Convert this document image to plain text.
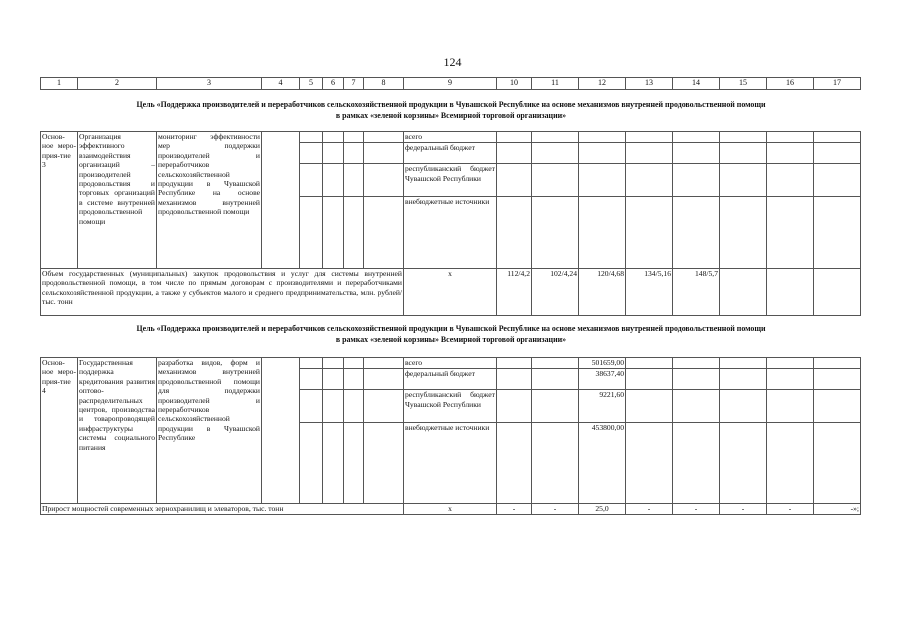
124
1	2	3	4	5	6	7	8	9	10	11	12	13	14	15	16	17
Цель «Поддержка производителей и переработчиков сельскохозяйственной продукции в Чувашской Республике на основе механизмов внутренней продовольственной помощи
в рамках «зеленой корзины» Всемирной торговой организации»
Основ-ное меро-прия-тие 3	Организация эффективного взаимодействия организаций – производителей продовольствия и торговых организаций в системе внутренней продовольственной помощи	мониторинг эффективности мер поддержки производителей и переработчиков сельскохозяйственной продукции в Чувашской Республике на основе механизмов внутренней продовольственной помощи						всего								
								федеральный бюджет								
								республиканский бюджет Чувашской Республики								
								внебюджетные источники								
Объем государственных (муниципальных) закупок продовольствия и услуг для системы внутренней продовольственной помощи, в том числе по прямым договорам с производителями и переработчиками сельскохозяйственной продукции, а также у субъектов малого и среднего предпринимательства, млн. рублей/тыс. тонн								x	112/4,2	102/4,24	120/4,68	134/5,16	148/5,7			
Цель «Поддержка производителей и переработчиков сельскохозяйственной продукции в Чувашской Республике на основе механизмов внутренней продовольственной помощи
в рамках «зеленой корзины» Всемирной торговой организации»
Основ-ное меро-прия-тие 4	Государственная поддержка кредитования развития оптово-распределительных центров, производства и товаропроводящей инфраструктуры системы социального питания	разработка видов, форм и механизмов внутренней продовольственной помощи для поддержки производителей и переработчиков сельскохозяйственной продукции в Чувашской Республике						всего			501659,00					
								федеральный бюджет			38637,40					
								республиканский бюджет Чувашской Республики			9221,60					
								внебюджетные источники			453800,00					
Прирост мощностей современных зернохранилищ и элеваторов, тыс. тонн								x	-	-	25,0	-	-	-	-	-»;
